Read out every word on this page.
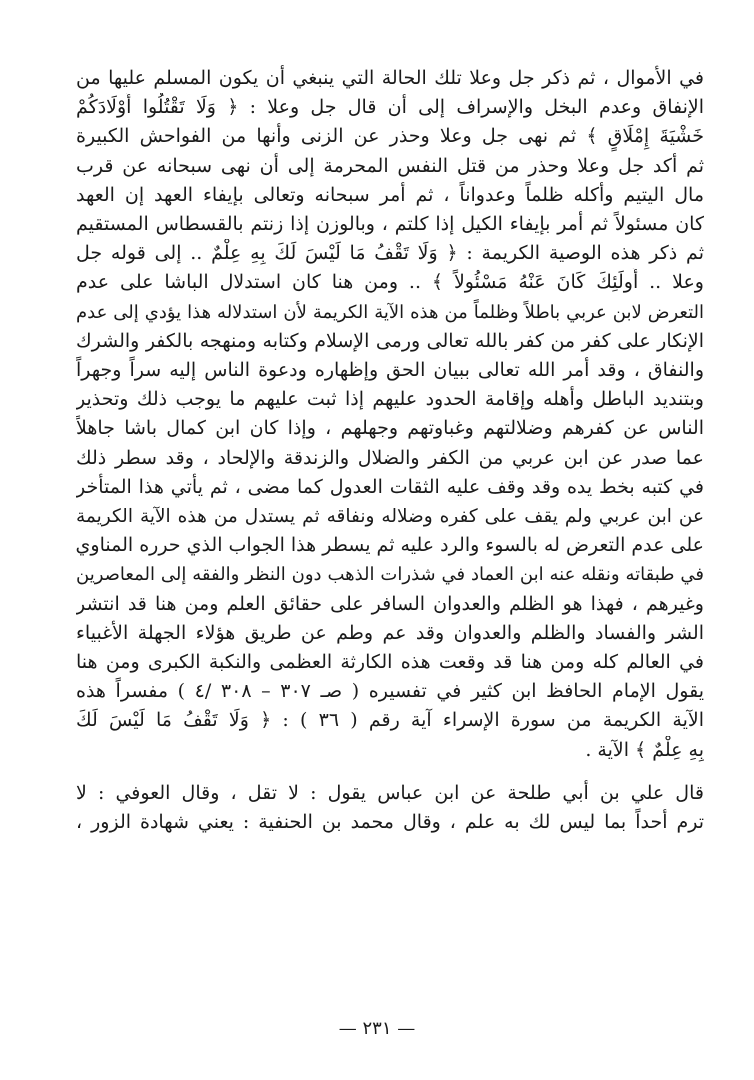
في الأموال ، ثم ذكر جل وعلا تلك الحالة التي ينبغي أن يكون المسلم عليها من
الإنفاق وعدم البخل والإسراف إلى أن قال جل وعلا : ﴿ وَلَا تَقْتُلُوا أَوْلَادَكُمْ
خَشْيَةَ إِمْلَاقٍ ﴾ ثم نهى جل وعلا وحذر عن الزنى وأنها من الفواحش الكبيرة
ثم أكد جل وعلا وحذر من قتل النفس المحرمة إلى أن نهى سبحانه عن قرب
مال اليتيم وأكله ظلماً وعدواناً ، ثم أمر سبحانه وتعالى بإيفاء العهد إن العهد
كان مسئولاً ثم أمر بإيفاء الكيل إذا كلتم ، وبالوزن إذا زنتم بالقسطاس المستقيم
ثم ذكر هذه الوصية الكريمة : ﴿ وَلَا تَقْفُ مَا لَيْسَ لَكَ بِهِ عِلْمٌ .. إلى قوله جل
وعلا .. أُولَئِكَ كَانَ عَنْهُ مَسْئُولاً ﴾ .. ومن هنا كان استدلال الباشا على عدم
التعرض لابن عربي باطلاً وظلماً من هذه الآية الكريمة لأن استدلاله هذا يؤدي إلى عدم
الإنكار على كفر من كفر بالله تعالى ورمى الإسلام وكتابه ومنهجه بالكفر والشرك
والنفاق ، وقد أمر الله تعالى ببيان الحق وإظهاره ودعوة الناس إليه سراً وجهراً
وبتنديد الباطل وأهله وإقامة الحدود عليهم إذا ثبت عليهم ما يوجب ذلك وتحذير
الناس عن كفرهم وضلالتهم وغباوتهم وجهلهم ، وإذا كان ابن كمال باشا جاهلاً
عما صدر عن ابن عربي من الكفر والضلال والزندقة والإلحاد ، وقد سطر ذلك
في كتبه بخط يده وقد وقف عليه الثقات العدول كما مضى ، ثم يأتي هذا المتأخر
عن ابن عربي ولم يقف على كفره وضلاله ونفاقه ثم يستدل من هذه الآية الكريمة
على عدم التعرض له بالسوء والرد عليه ثم يسطر هذا الجواب الذي حرره المناوي
في طبقاته ونقله عنه ابن العماد في شذرات الذهب دون النظر والفقه إلى المعاصرين
وغيرهم ، فهذا هو الظلم والعدوان السافر على حقائق العلم ومن هنا قد انتشر
الشر والفساد والظلم والعدوان وقد عم وطم عن طريق هؤلاء الجهلة الأغبياء
في العالم كله ومن هنا قد وقعت هذه الكارثة العظمى والنكبة الكبرى ومن هنا
يقول الإمام الحافظ ابن كثير في تفسيره ( صـ ٣٠٧ – ٣٠٨ /٤ ) مفسراً هذه
الآية الكريمة من سورة الإسراء آية رقم ( ٣٦ ) : ﴿ وَلَا تَقْفُ مَا لَيْسَ لَكَ
بِهِ عِلْمٌ ﴾ الآية .

قال علي بن أبي طلحة عن ابن عباس يقول : لا تقل ، وقال العوفي : لا
ترم أحداً بما ليس لك به علم ، وقال محمد بن الحنفية : يعني شهادة الزور ،

— ٢٣١ —
